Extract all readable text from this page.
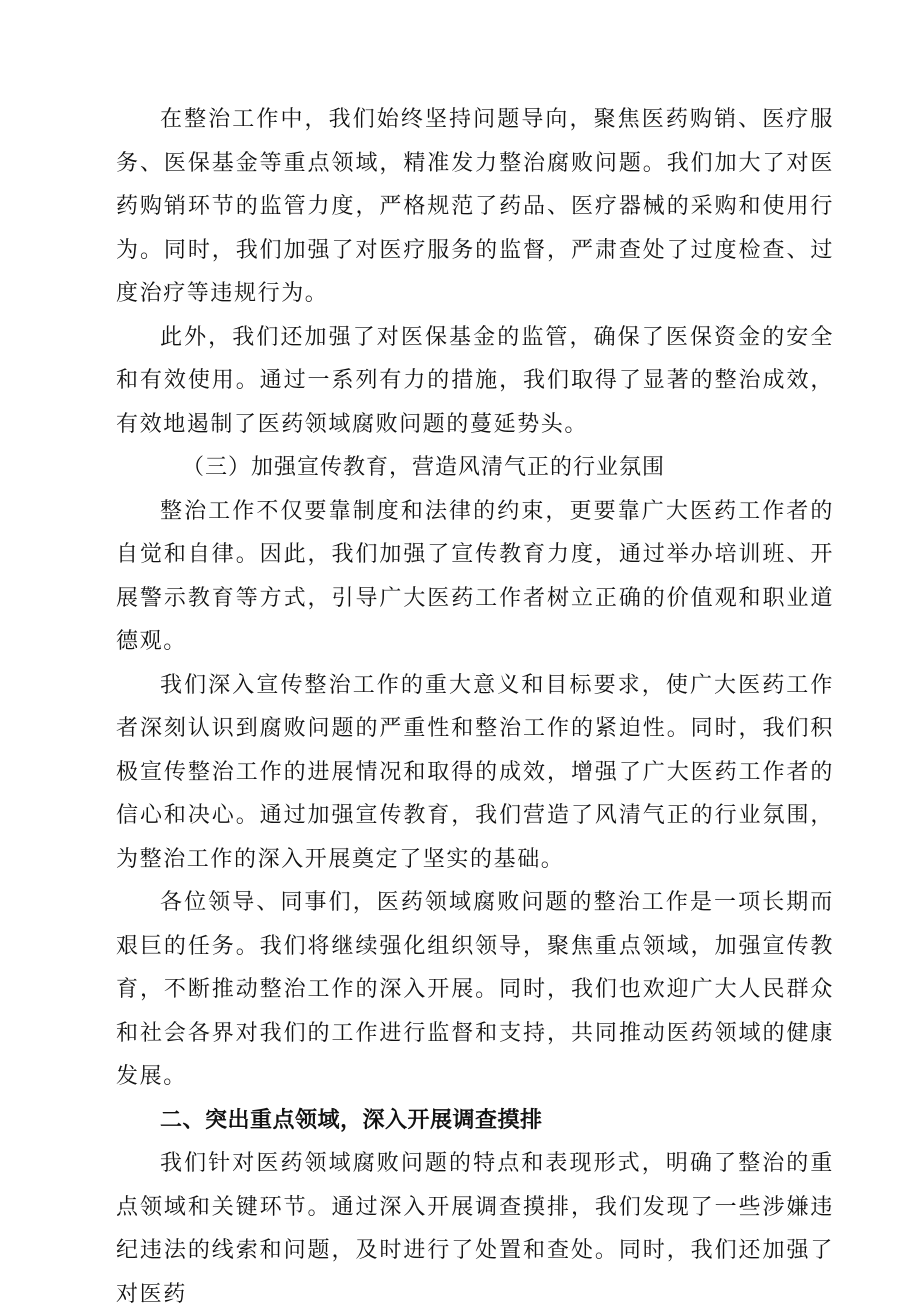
在整治工作中，我们始终坚持问题导向，聚焦医药购销、医疗服务、医保基金等重点领域，精准发力整治腐败问题。我们加大了对医药购销环节的监管力度，严格规范了药品、医疗器械的采购和使用行为。同时，我们加强了对医疗服务的监督，严肃查处了过度检查、过度治疗等违规行为。

此外，我们还加强了对医保基金的监管，确保了医保资金的安全和有效使用。通过一系列有力的措施，我们取得了显著的整治成效，有效地遏制了医药领域腐败问题的蔓延势头。

（三）加强宣传教育，营造风清气正的行业氛围

整治工作不仅要靠制度和法律的约束，更要靠广大医药工作者的自觉和自律。因此，我们加强了宣传教育力度，通过举办培训班、开展警示教育等方式，引导广大医药工作者树立正确的价值观和职业道德观。

我们深入宣传整治工作的重大意义和目标要求，使广大医药工作者深刻认识到腐败问题的严重性和整治工作的紧迫性。同时，我们积极宣传整治工作的进展情况和取得的成效，增强了广大医药工作者的信心和决心。通过加强宣传教育，我们营造了风清气正的行业氛围，为整治工作的深入开展奠定了坚实的基础。

各位领导、同事们，医药领域腐败问题的整治工作是一项长期而艰巨的任务。我们将继续强化组织领导，聚焦重点领域，加强宣传教育，不断推动整治工作的深入开展。同时，我们也欢迎广大人民群众和社会各界对我们的工作进行监督和支持，共同推动医药领域的健康发展。

二、突出重点领域，深入开展调查摸排

我们针对医药领域腐败问题的特点和表现形式，明确了整治的重点领域和关键环节。通过深入开展调查摸排，我们发现了一些涉嫌违纪违法的线索和问题，及时进行了处置和查处。同时，我们还加强了对医药
